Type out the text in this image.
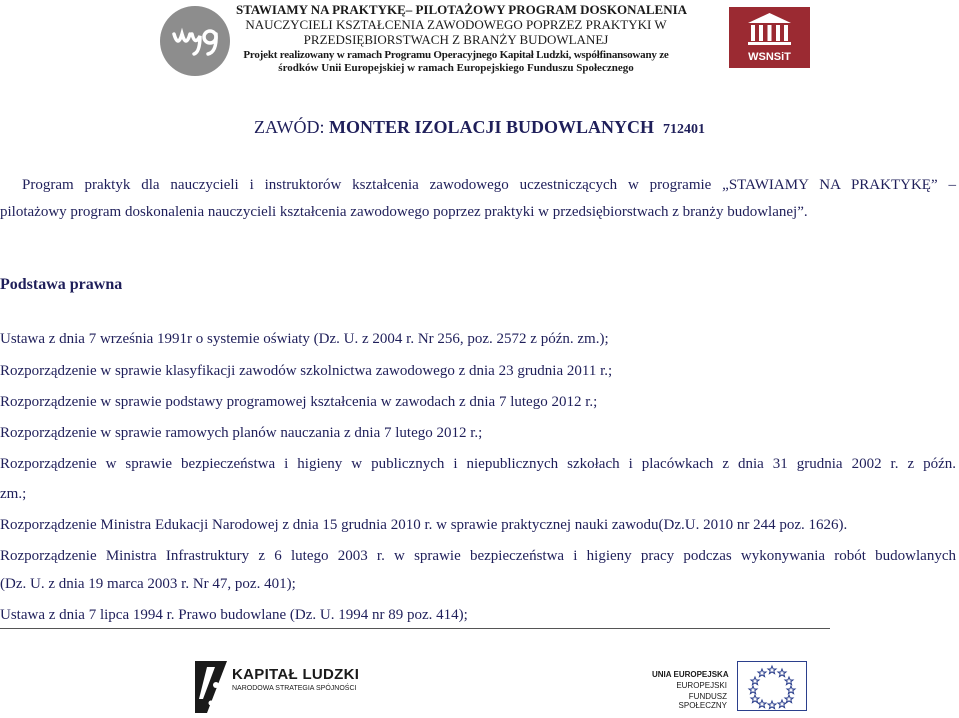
STAWIAMY NA PRAKTYKĘ– PILOTAŻOWY PROGRAM DOSKONALENIA
NAUCZYCIELI KSZTAŁCENIA ZAWODOWEGO POPRZEZ PRAKTYKI W
PRZEDSIĘBIORSTWACH Z BRANŻY BUDOWLANEJ
Projekt realizowany w ramach Programu Operacyjnego Kapitał Ludzki, współfinansowany ze
środków Unii Europejskiej w ramach Europejskiego Funduszu Społecznego
WSNSiT
ZAWÓD: MONTER IZOLACJI BUDOWLANYCH 712401
Program praktyk dla nauczycieli i instruktorów kształcenia zawodowego uczestniczących w programie „STAWIAMY NA PRAKTYKĘ” –
pilotażowy program doskonalenia nauczycieli kształcenia zawodowego poprzez praktyki w przedsiębiorstwach z branży budowlanej”.
Podstawa prawna
Ustawa z dnia 7 września 1991r o systemie oświaty (Dz. U. z 2004 r. Nr 256, poz. 2572 z późn. zm.);
Rozporządzenie w sprawie klasyfikacji zawodów szkolnictwa zawodowego z dnia 23 grudnia 2011 r.;
Rozporządzenie w sprawie podstawy programowej kształcenia w zawodach z dnia 7 lutego 2012 r.;
Rozporządzenie w sprawie ramowych planów nauczania z dnia 7 lutego 2012 r.;
Rozporządzenie w sprawie bezpieczeństwa i higieny w publicznych i niepublicznych szkołach i placówkach z dnia 31 grudnia 2002 r. z późn.
zm.;
Rozporządzenie Ministra Edukacji Narodowej z dnia 15 grudnia 2010 r. w sprawie praktycznej nauki zawodu(Dz.U. 2010 nr 244 poz. 1626).
Rozporządzenie Ministra Infrastruktury z 6 lutego 2003 r. w sprawie bezpieczeństwa i higieny pracy podczas wykonywania robót budowlanych
(Dz. U. z dnia 19 marca 2003 r. Nr 47, poz. 401);
Ustawa z dnia 7 lipca 1994 r. Prawo budowlane (Dz. U. 1994 nr 89 poz. 414);
KAPITAŁ LUDZKI
NARODOWA STRATEGIA SPÓJNOŚCI
UNIA EUROPEJSKA
EUROPEJSKI
FUNDUSZ SPOŁECZNY
